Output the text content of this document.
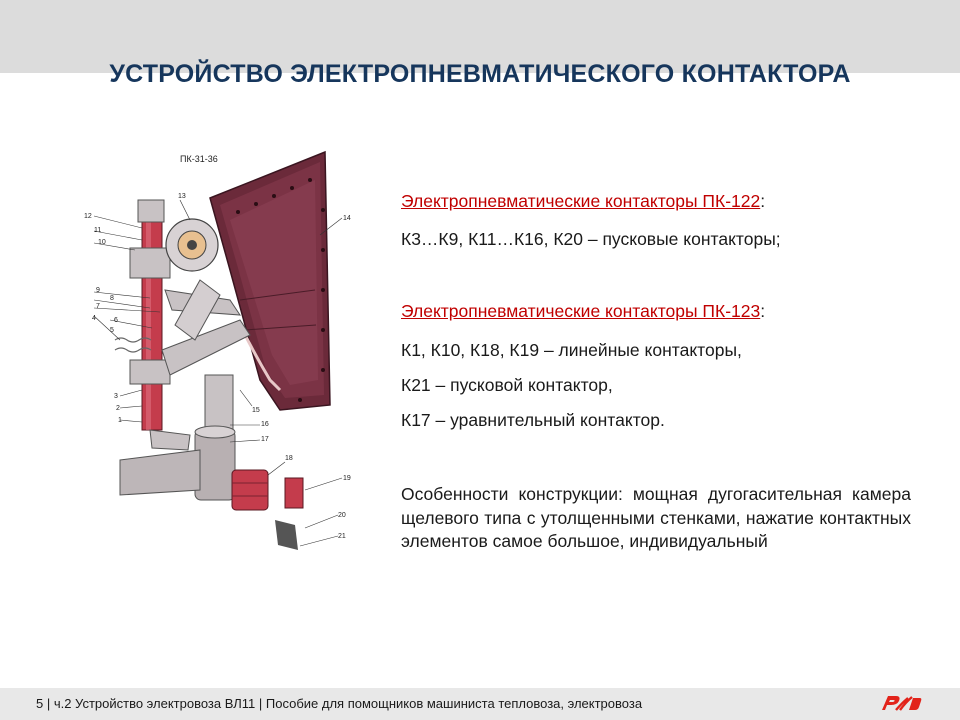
УСТРОЙСТВО ЭЛЕКТРОПНЕВМАТИЧЕСКОГО КОНТАКТОРА
ПК-31-36
12
11
10
9
8
7
6
5
4
3
2
1
13
14
15
16
17
18
19
20
21

Электропневматические контакторы ПК-122:

К3…К9, К11…К16, К20 – пусковые контакторы;

Электропневматические контакторы ПК-123:

К1, К10, К18, К19 – линейные контакторы,

К21 – пусковой контактор,

К17 – уравнительный контактор.

Особенности конструкции: мощная дугогасительная камера щелевого типа с утолщенными стенками, нажатие контактных элементов самое большое, индивидуальный

5 | ч.2 Устройство электровоза ВЛ11 | Пособие для помощников машиниста тепловоза, электровоза
